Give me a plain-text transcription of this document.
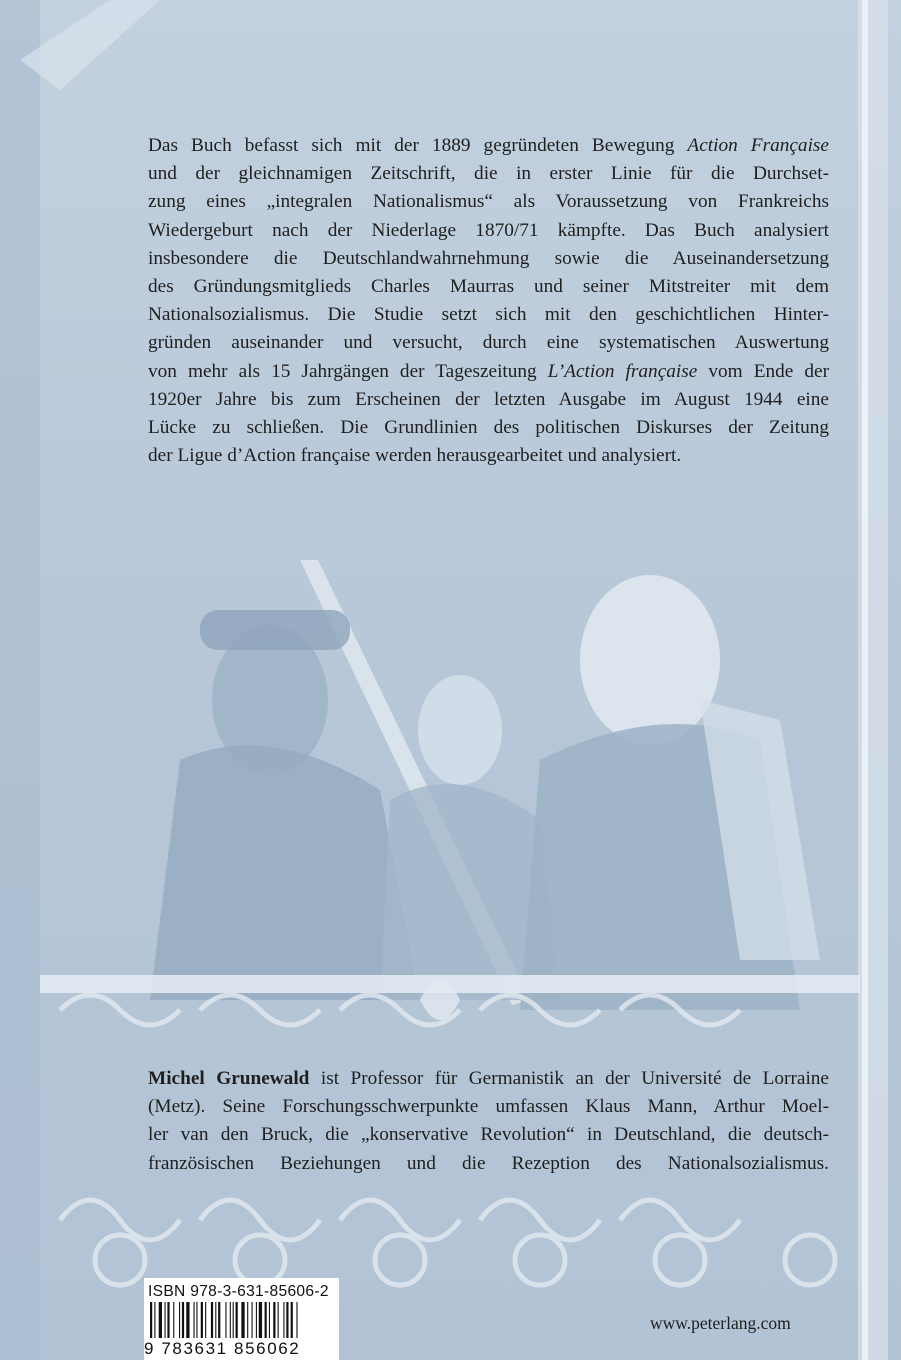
Das Buch befasst sich mit der 1889 gegründeten Bewegung Action Française
und der gleichnamigen Zeitschrift, die in erster Linie für die Durchset-
zung eines „integralen Nationalismus“ als Voraussetzung von Frankreichs
Wiedergeburt nach der Niederlage 1870/71 kämpfte. Das Buch analysiert
insbesondere die Deutschlandwahrnehmung sowie die Auseinandersetzung
des Gründungsmitglieds Charles Maurras und seiner Mitstreiter mit dem
Nationalsozialismus. Die Studie setzt sich mit den geschichtlichen Hinter-
gründen auseinander und versucht, durch eine systematischen Auswertung
von mehr als 15 Jahrgängen der Tageszeitung L’Action française vom Ende der
1920er Jahre bis zum Erscheinen der letzten Ausgabe im August 1944 eine
Lücke zu schließen. Die Grundlinien des politischen Diskurses der Zeitung
der Ligue d’Action française werden herausgearbeitet und analysiert.

Michel Grunewald ist Professor für Germanistik an der Université de Lorraine
(Metz). Seine Forschungsschwerpunkte umfassen Klaus Mann, Arthur Moel-
ler van den Bruck, die „konservative Revolution“ in Deutschland, die deutsch-
französischen Beziehungen und die Rezeption des Nationalsozialismus.

ISBN 978-3-631-85606-2
9 783631 856062
www.peterlang.com
